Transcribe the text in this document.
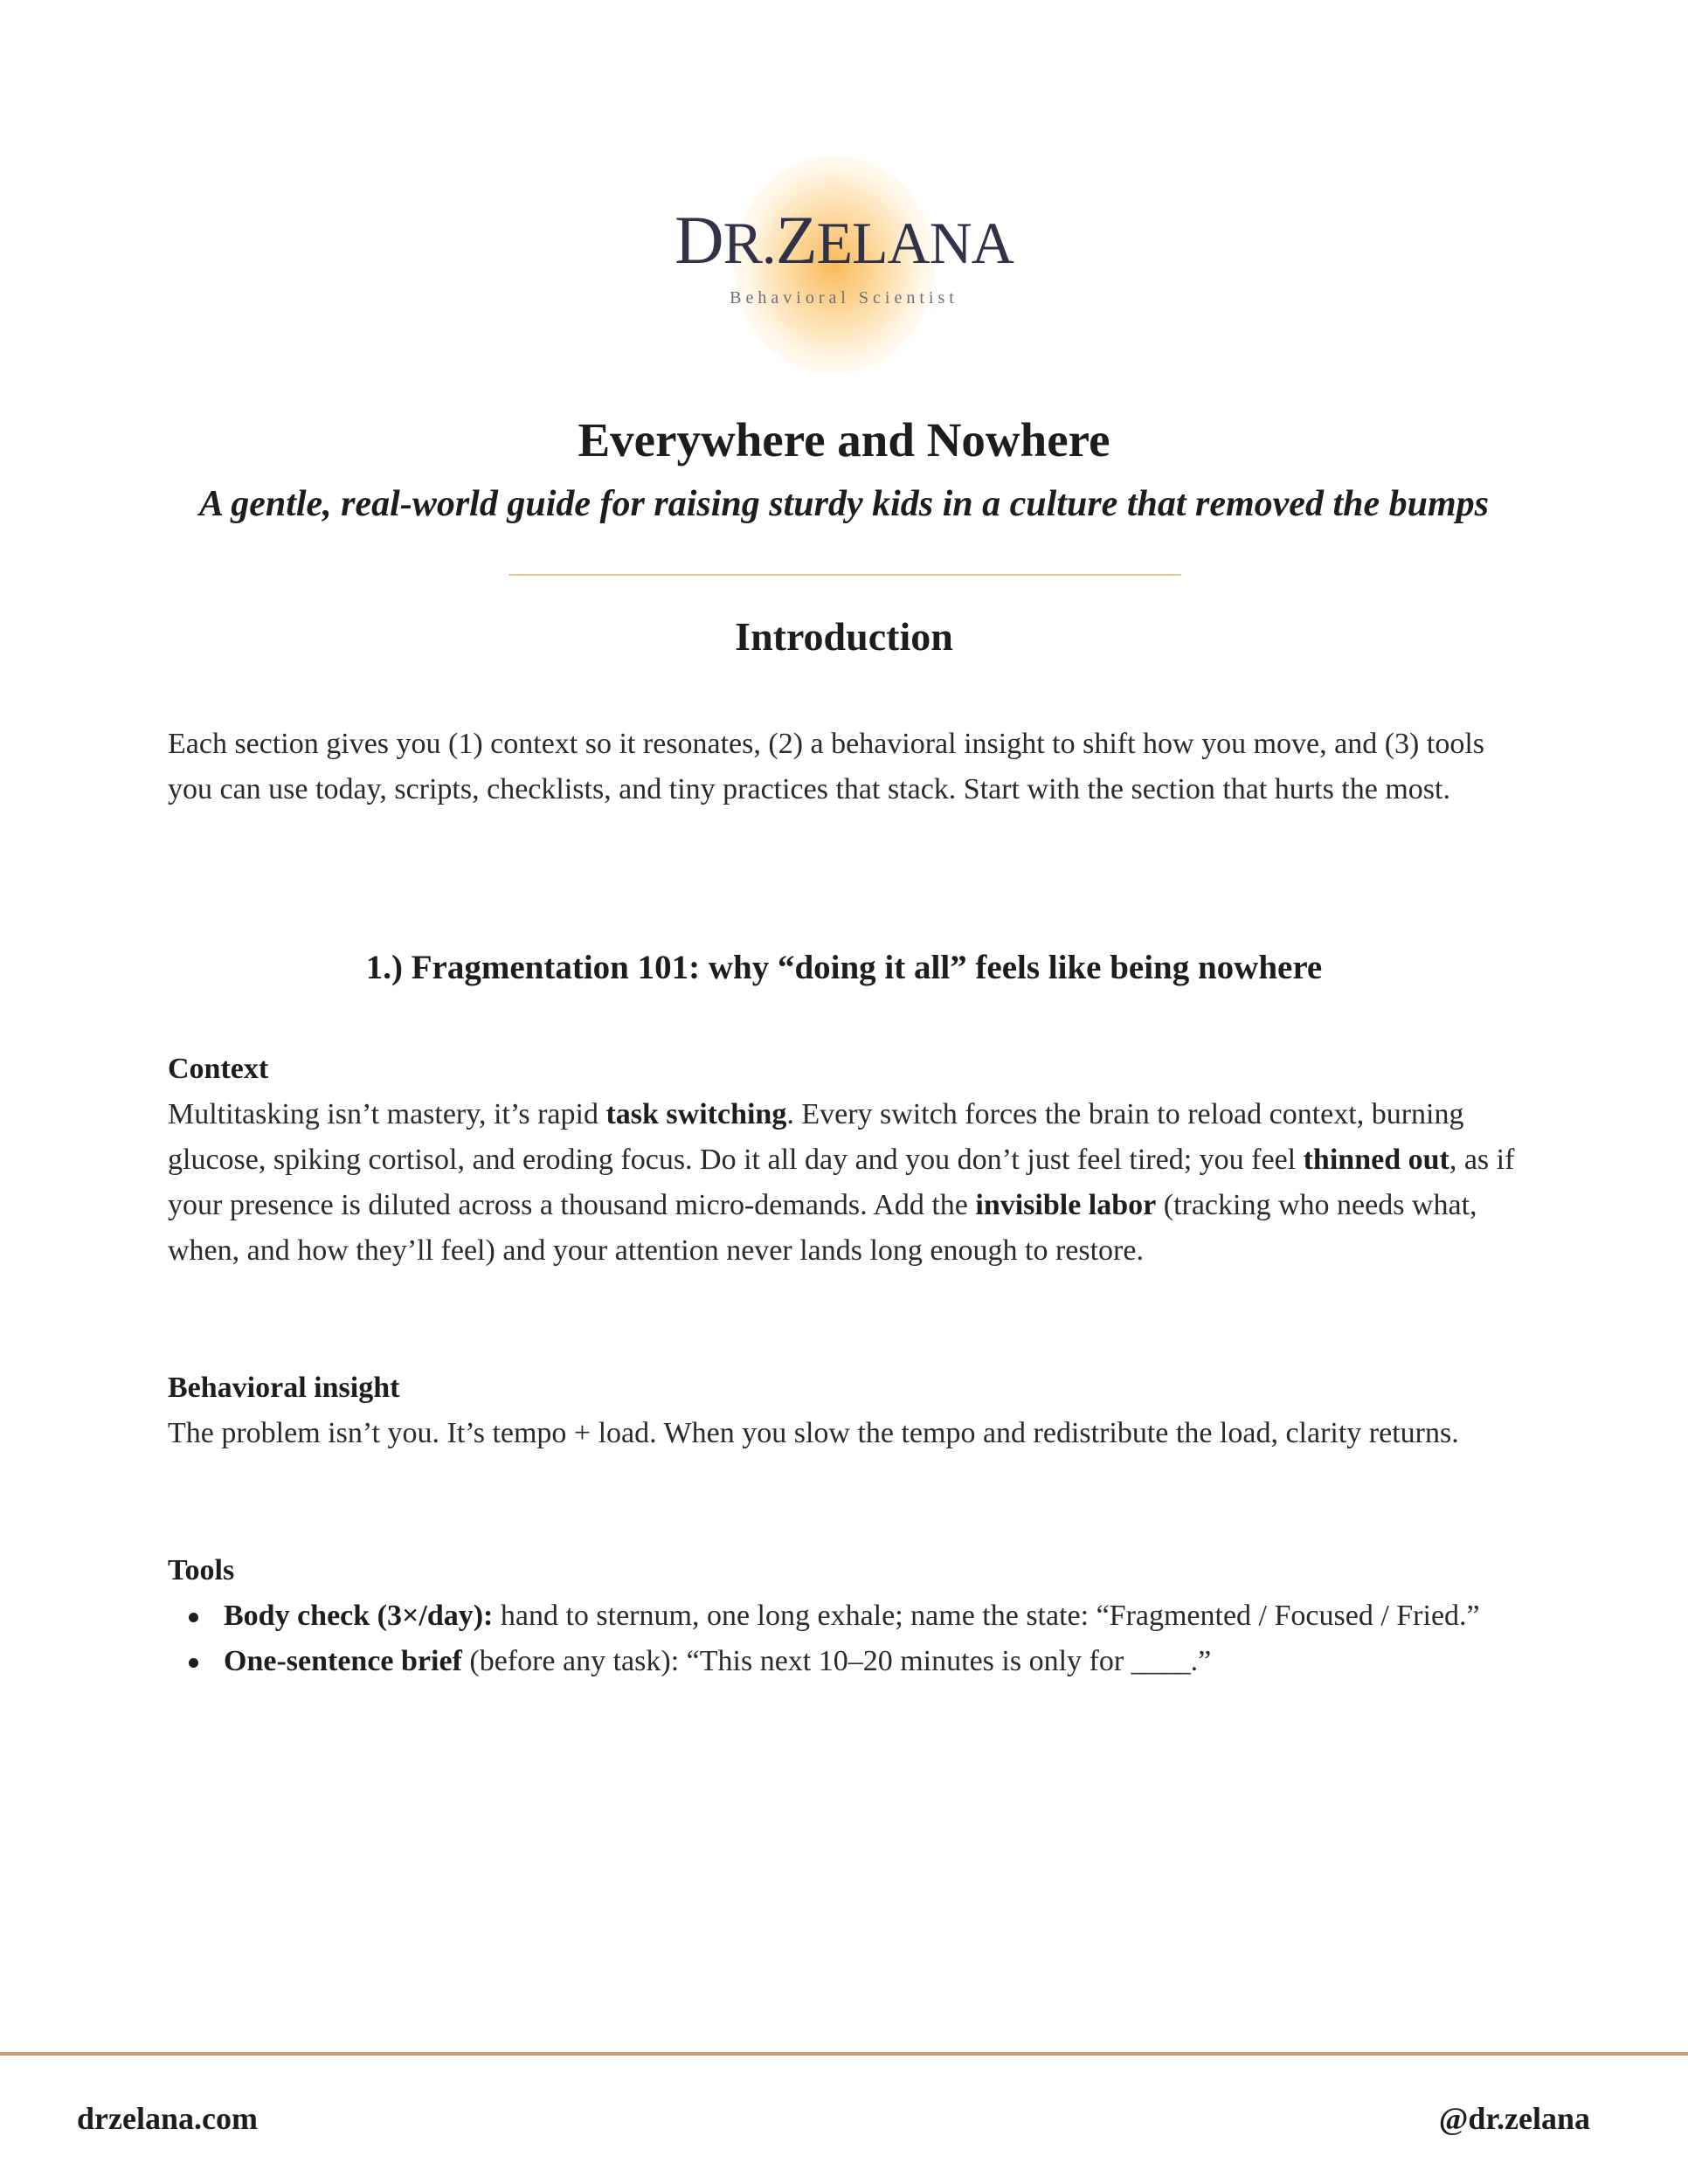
DR.ZELANA
Behavioral Scientist
Everywhere and Nowhere
A gentle, real-world guide for raising sturdy kids in a culture that removed the bumps
Introduction
Each section gives you (1) context so it resonates, (2) a behavioral insight to shift how you move, and (3) tools you can use today, scripts, checklists, and tiny practices that stack. Start with the section that hurts the most.
1.) Fragmentation 101: why “doing it all” feels like being nowhere
Context
Multitasking isn’t mastery, it’s rapid task switching. Every switch forces the brain to reload context, burning glucose, spiking cortisol, and eroding focus. Do it all day and you don’t just feel tired; you feel thinned out, as if your presence is diluted across a thousand micro-demands. Add the invisible labor (tracking who needs what, when, and how they’ll feel) and your attention never lands long enough to restore.
Behavioral insight
The problem isn’t you. It’s tempo + load. When you slow the tempo and redistribute the load, clarity returns.
Tools
Body check (3×/day): hand to sternum, one long exhale; name the state: “Fragmented / Focused / Fried.”
One-sentence brief (before any task): “This next 10–20 minutes is only for ____.”
drzelana.com	@dr.zelana
